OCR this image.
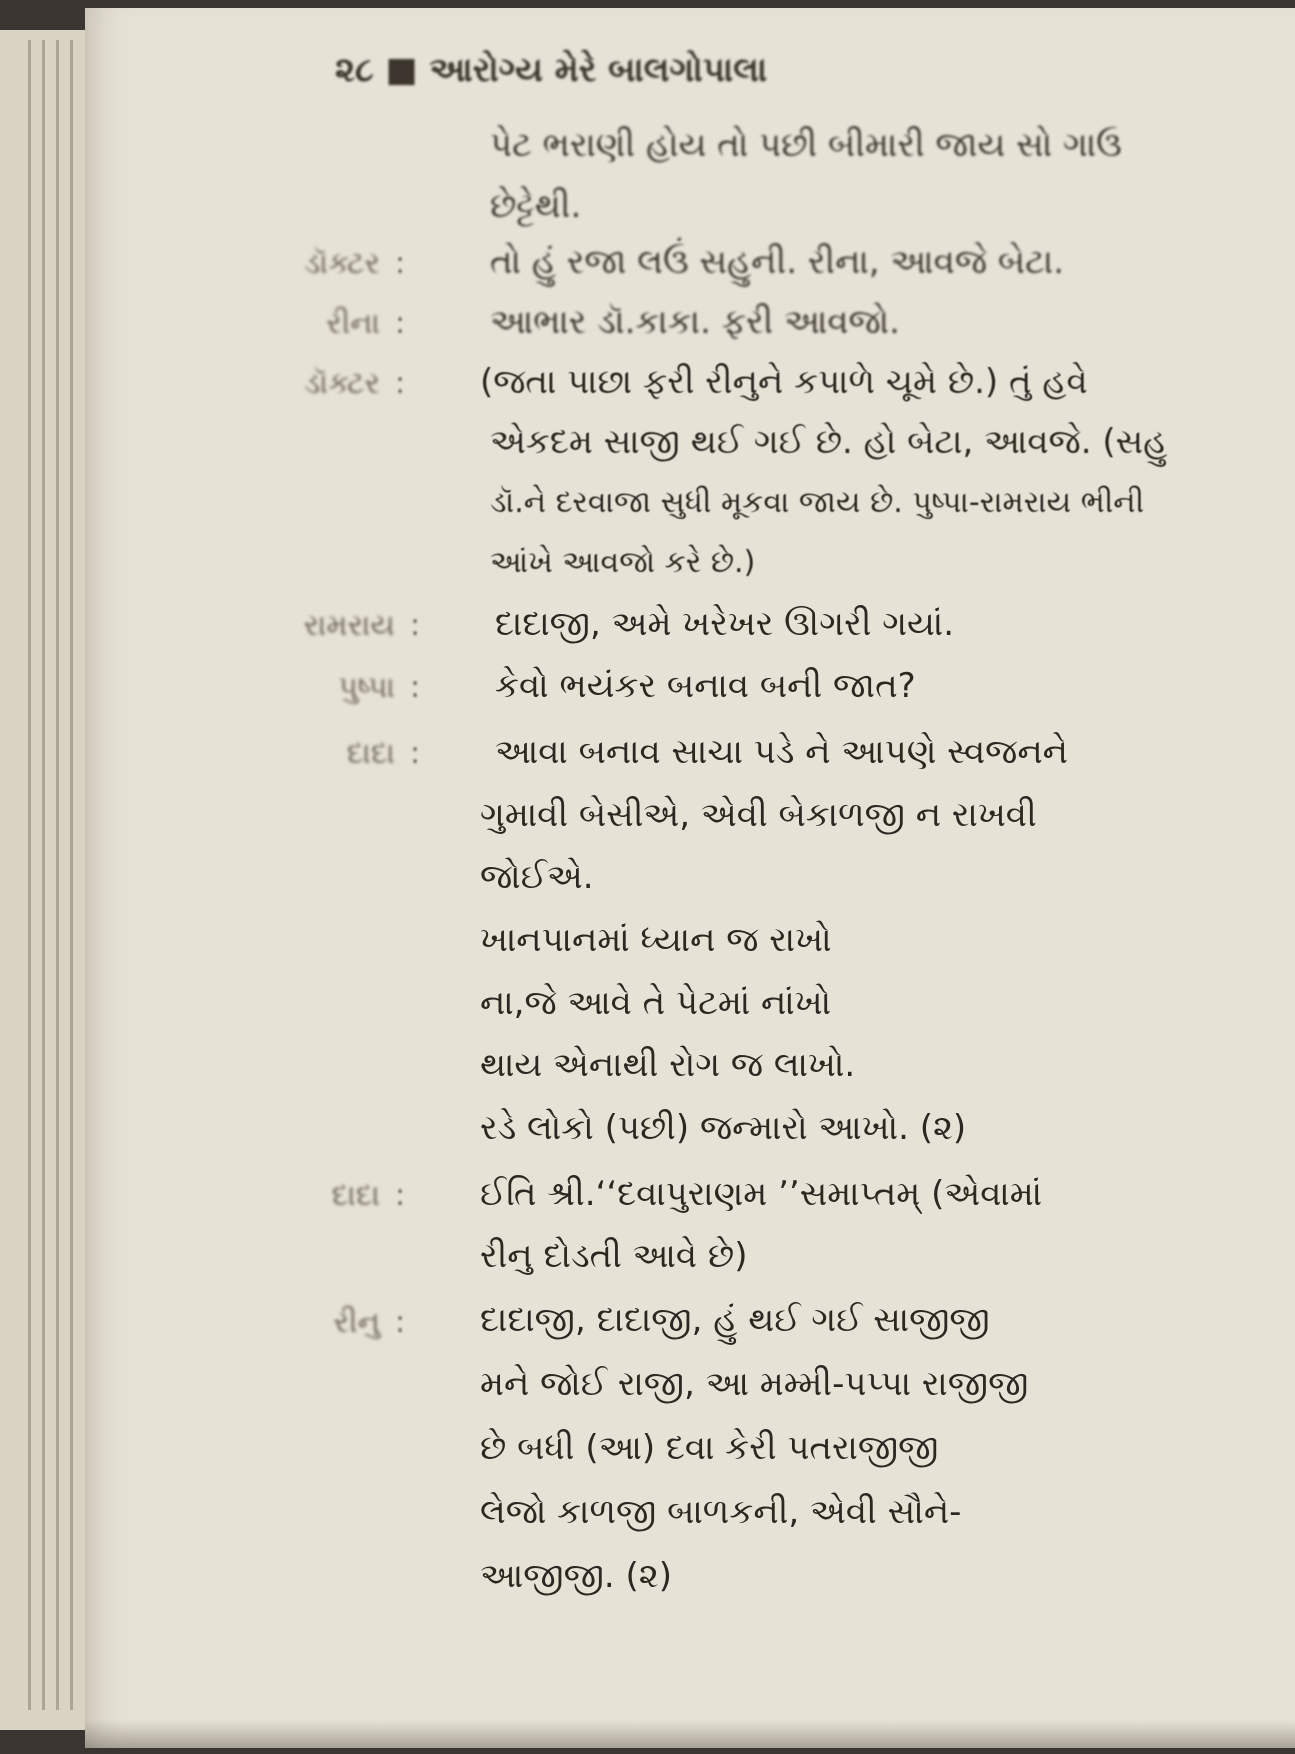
૨૮ ■ આરોગ્ય મેરે બાલગોપાલા
પેટ ભરાણી હોય તો પછી બીમારી જાય સો ગાઉ
છેટ્ટેથી.
ડૉક્ટર : તો હું રજા લઉં સહુની. રીના, આવજે બેટા.
રીના : આભાર ડૉ.કાકા. ફરી આવજો.
ડૉક્ટર : (જતા પાછા ફરી રીનુને કપાળે ચૂમે છે.) તું હવે
એકદમ સાજી થઈ ગઈ છે. હો બેટા, આવજે. (સહુ
ડૉ.ને દરવાજા સુધી મૂકવા જાય છે. પુષ્પા-રામરાય ભીની
આંખે આવજો કરે છે.)
રામરાય : દાદાજી, અમે ખરેખર ઊગરી ગયાં.
પુષ્પા : કેવો ભયંકર બનાવ બની જાત?
દાદા : આવા બનાવ સાચા પડે ને આપણે સ્વજનને
ગુમાવી બેસીએ, એવી બેકાળજી ન રાખવી
જોઈએ.
ખાનપાનમાં ધ્યાન જ રાખો
ના,જે આવે તે પેટમાં નાંખો
થાય એનાથી રોગ જ લાખો.
રડે લોકો (પછી) જન્મારો આખો. (૨)
દાદા : ઈતિ શ્રી.‘‘દવાપુરાણમ ’’સમાપ્તમ્ (એવામાં
રીનુ દોડતી આવે છે)
રીનુ : દાદાજી, દાદાજી, હું થઈ ગઈ સાજીજી
મને જોઈ રાજી, આ મમ્મી-પપ્પા રાજીજી
છે બધી (આ) દવા કેરી પતરાજીજી
લેજો કાળજી બાળકની, એવી સૌને-
આજીજી. (૨)
